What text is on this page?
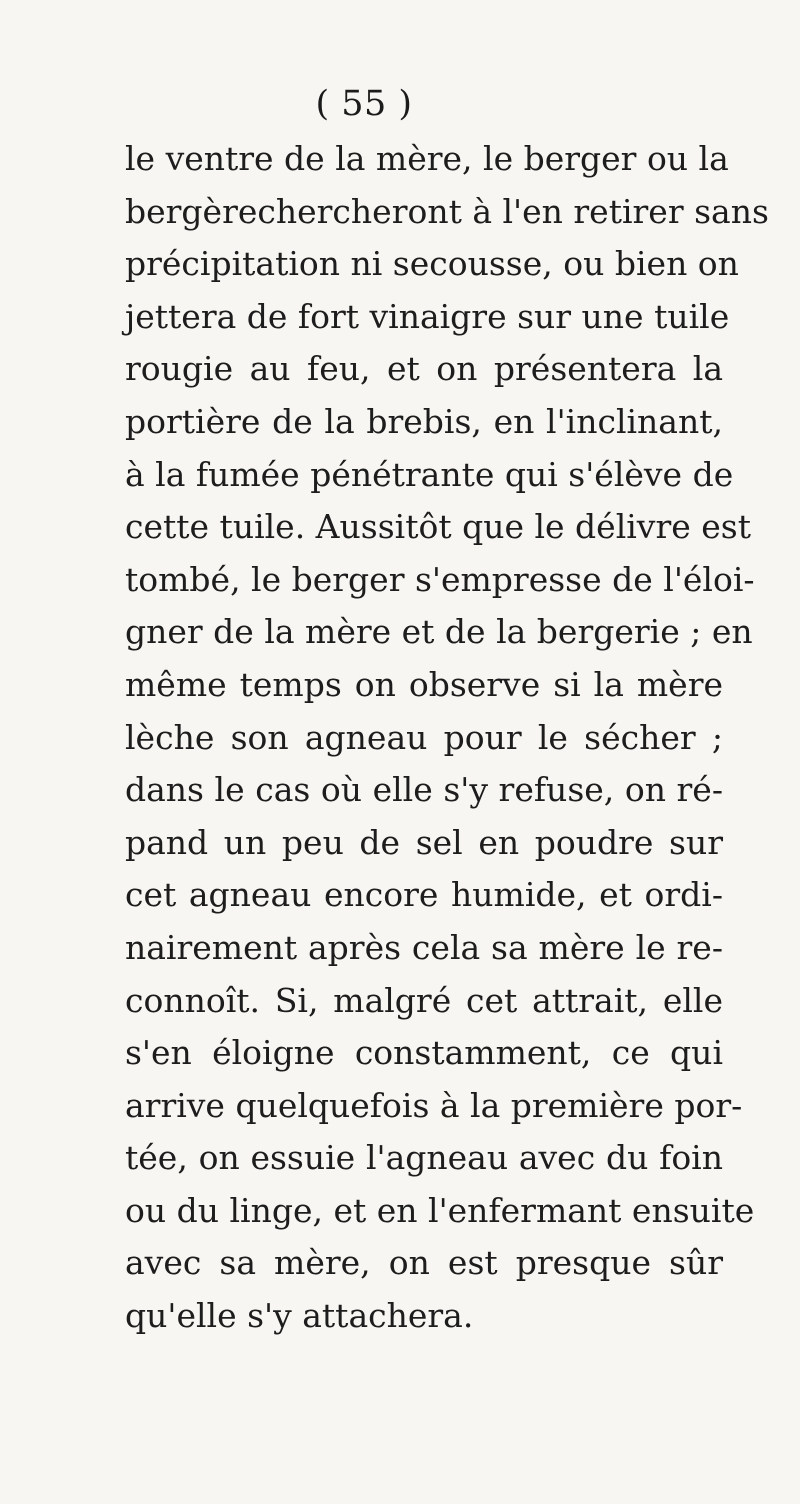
( 55 )
le ventre de la mère, le berger ou la
bergèrechercheront à l'en retirer sans
précipitation ni secousse, ou bien on
jettera de fort vinaigre sur une tuile
rougie au feu, et on présentera la
portière de la brebis, en l'inclinant,
à la fumée pénétrante qui s'élève de
cette tuile. Aussitôt que le délivre est
tombé, le berger s'empresse de l'éloi-
gner de la mère et de la bergerie ; en
même temps on observe si la mère
lèche son agneau pour le sécher ;
dans le cas où elle s'y refuse, on ré-
pand un peu de sel en poudre sur
cet agneau encore humide, et ordi-
nairement après cela sa mère le re-
connoît. Si, malgré cet attrait, elle
s'en éloigne constamment, ce qui
arrive quelquefois à la première por-
tée, on essuie l'agneau avec du foin
ou du linge, et en l'enfermant ensuite
avec sa mère, on est presque sûr
qu'elle s'y attachera.
